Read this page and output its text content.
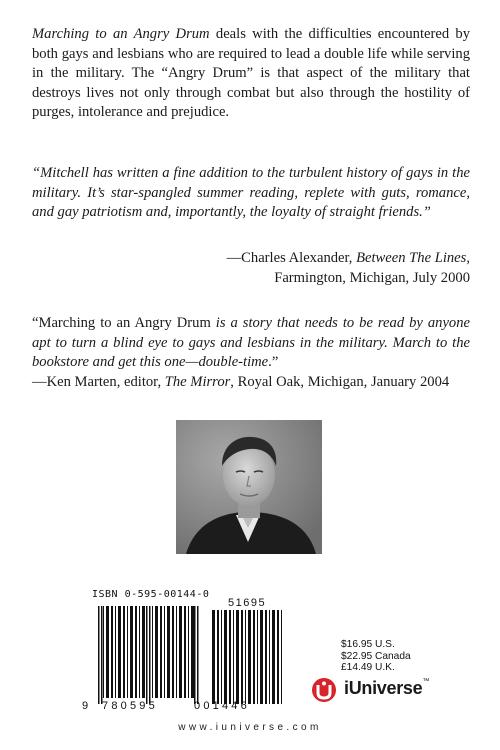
Marching to an Angry Drum deals with the difficulties encountered by both gays and lesbians who are required to lead a double life while serving in the military. The “Angry Drum” is that aspect of the military that destroys lives not only through combat but also through the hostility of purges, intolerance and prejudice.

“Mitchell has written a fine addition to the turbulent history of gays in the military. It’s star-spangled summer reading, replete with guts, romance, and gay patriotism and, importantly, the loyalty of straight friends.”

—Charles Alexander, Between The Lines,
Farmington, Michigan, July 2000

“Marching to an Angry Drum is a story that needs to be read by anyone apt to turn a blind eye to gays and lesbians in the military. March to the bookstore and get this one—double-time.”

—Ken Marten, editor, The Mirror, Royal Oak, Michigan, January 2004
ISBN 0-595-00144-0
51695
9 780595	001446
$16.95 U.S.
$22.95 Canada
£14.49 U.K.
iUniverse™
www.iuniverse.com
